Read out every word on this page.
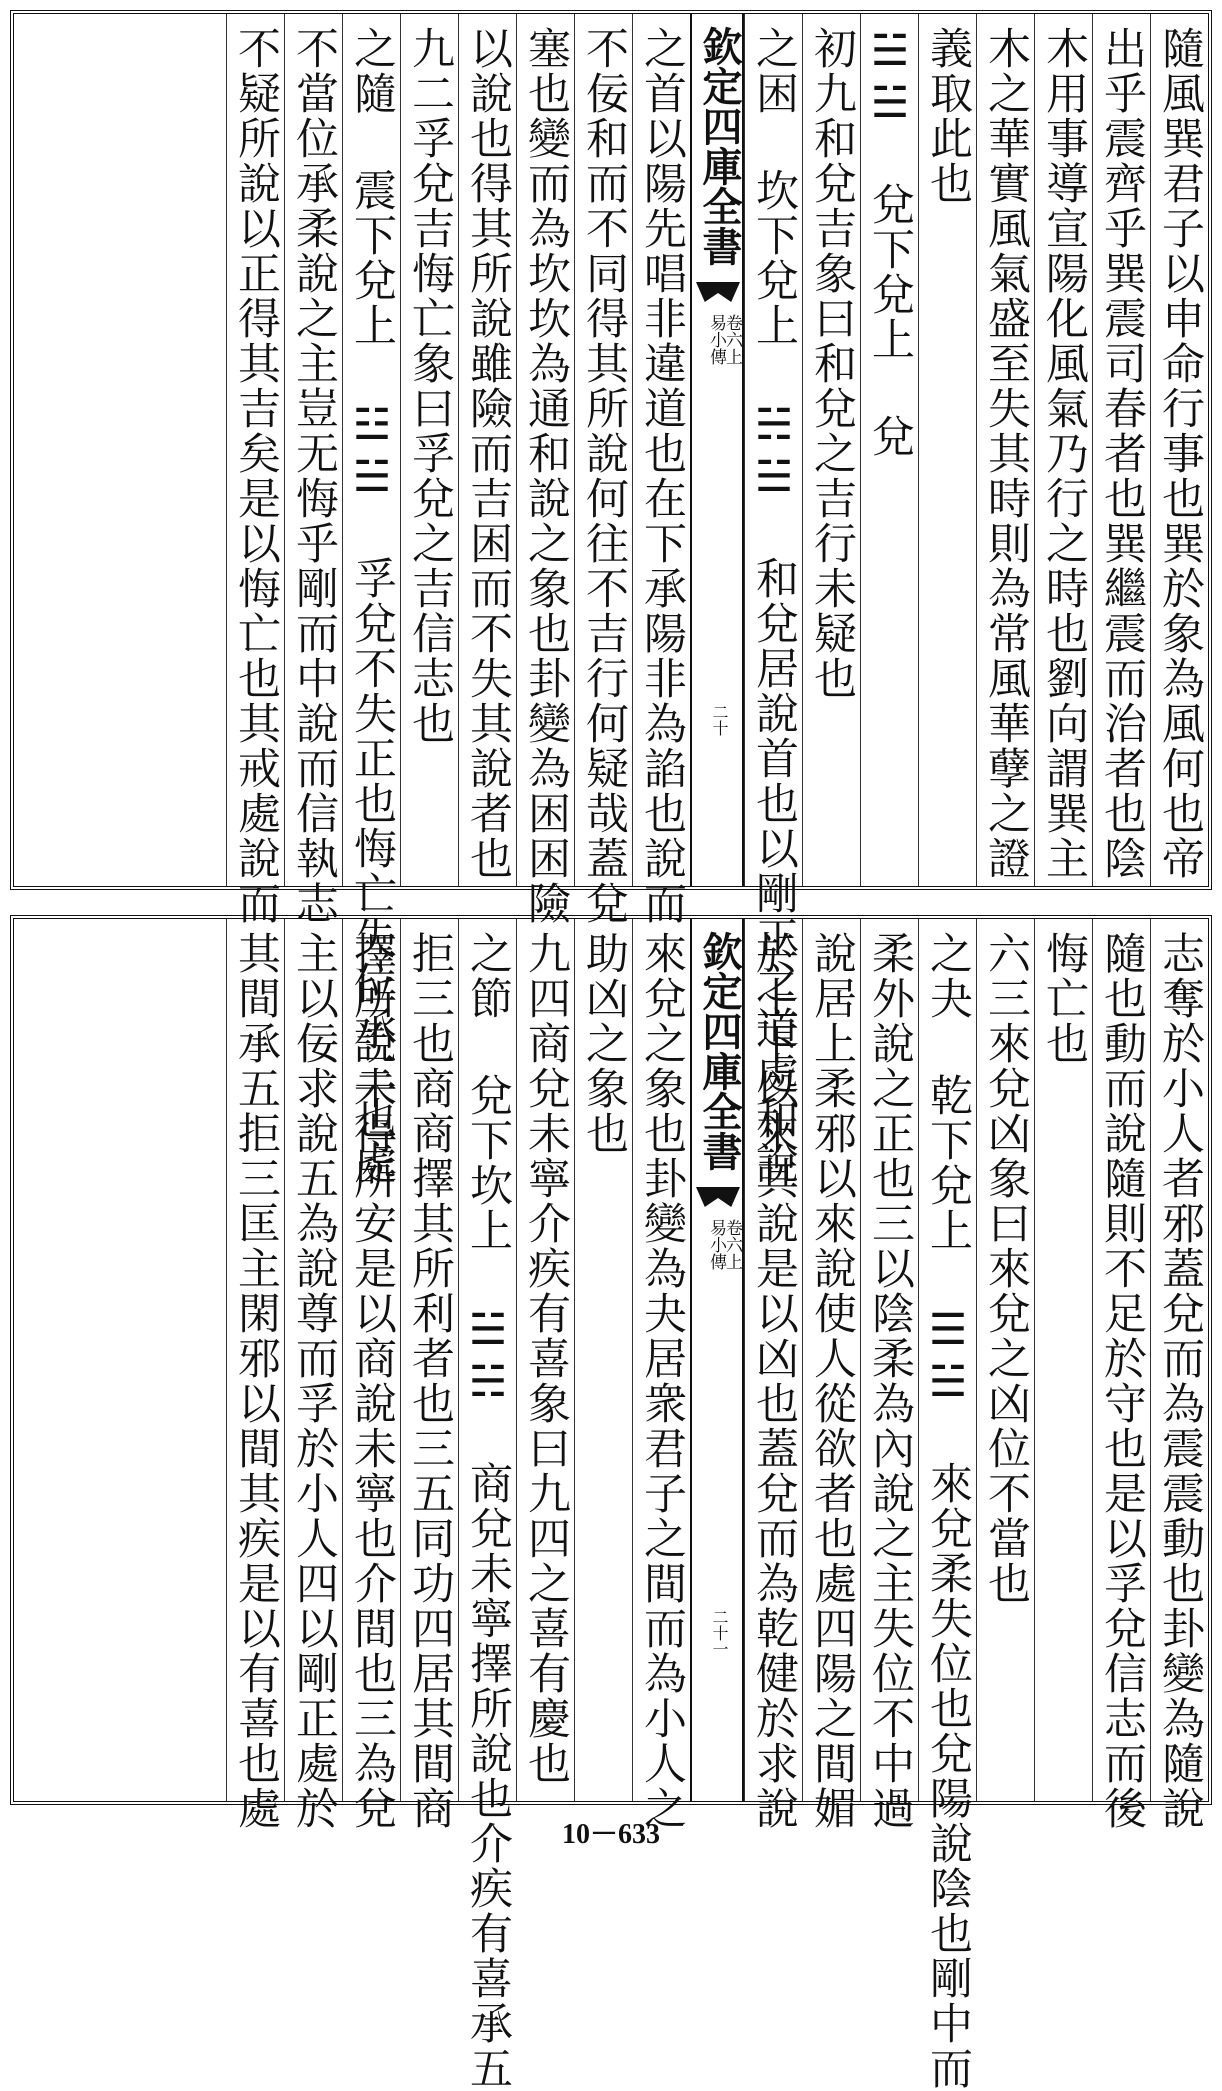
隨風巽君子以申命行事也巽於象為風何也帝
出乎震齊乎巽震司春者也巽繼震而治者也陰
木用事導宣陽化風氣乃行之時也劉向謂巽主
木之華實風氣盛至失其時則為常風華孽之證
義取此也
☱☱ 兌下兌上 兌
初九和兌吉象曰和兌之吉行未疑也
之困 坎下兌上 ☵☱ 和兌居說首也以剛正之道處和說
欽定四庫全書
易小傳
卷六上
二十
之首以陽先唱非違道也在下承陽非為諂也說而
不佞和而不同得其所說何往不吉行何疑哉蓋兌
塞也變而為坎坎為通和說之象也卦變為困困險
以說也得其所說雖險而吉困而不失其說者也
九二孚兌吉悔亡象曰孚兌之吉信志也
之隨 震下兌上 ☳☱ 孚兌不失正也悔亡失位承三也處
不當位承柔說之主豈无悔乎剛而中說而信執志
不疑所說以正得其吉矣是以悔亡也其戒處說而
志奪於小人者邪蓋兌而為震震動也卦變為隨說
隨也動而說隨則不足於守也是以孚兌信志而後
悔亡也
六三來兌凶象曰來兌之凶位不當也
之夬 乾下兌上 ☰☱ 來兌柔失位也兌陽說陰也剛中而
柔外說之正也三以陰柔為內說之主失位不中過
說居上柔邪以來說使人從欲者也處四陽之間媚
於上下以來其說是以凶也蓋兌而為乾健於求說
欽定四庫全書
易小傳
卷六上
二十一
來兌之象也卦變為夬居衆君子之間而為小人之
助凶之象也
九四商兌未寧介疾有喜象曰九四之喜有慶也
之節 兌下坎上 ☱☵ 商兌未寧擇所說也介疾有喜承五
拒三也商商擇其所利者也三五同功四居其間商
擇所說未得所安是以商說未寧也介間也三為兌
主以佞求說五為說尊而孚於小人四以剛正處於
其間承五拒三匡主閑邪以間其疾是以有喜也處
10－633
